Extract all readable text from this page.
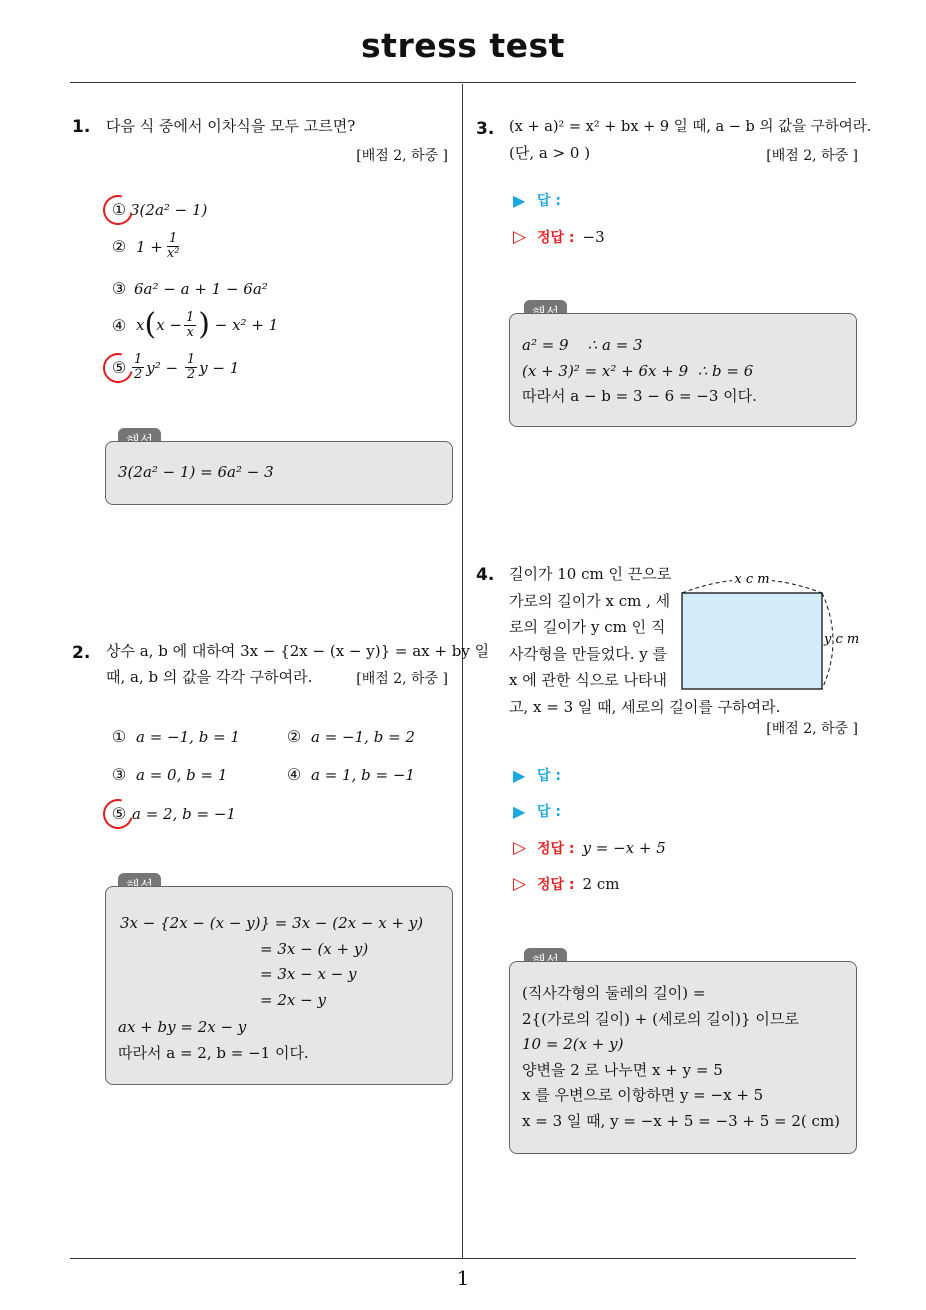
stress test
1
1. 다음 식 중에서 이차식을 모두 고르면?
[배점 2, 하중 ]
① 3(2a² − 1)
② $1 + \frac{1}{\text{x²}}$
③ 6a² − a + 1 − 6a²
④ x ( $x - \frac{1}{x}$ ) − x² + 1
⑤ $\frac{1}{2} y^2 - \frac{1}{2}$ y − 1
3(2a² − 1) = 6a² − 3
2. 상수 a, b 에 대하여 3x − {2x − (x − y)} = ax + by 일
때, a, b 의 값을 각각 구하여라.	[배점 2, 하중 ]
① a = −1, b = 1	② a = −1, b = 2
③ a = 0, b = 1	④ a = 1, b = −1
⑤ a = 2, b = −1
3x − {2x − (x − y)} = 3x − (2x − x + y)
= 3x − (x + y)
= 3x − x − y
= 2x − y
ax + by = 2x − y
따라서 a = 2, b = −1 이다.
3. (x + a)² = x² + bx + 9 일 때, a − b 의 값을 구하여라.
(단, a > 0 )	[배점 2, 하중 ]
▶ 답 :
▷ 정답 : −3
a² = 9    ∴ a = 3
(x + 3)² = x² + 6x + 9  ∴ b = 6
따라서 a − b = 3 − 6 = −3 이다.
4. 길이가 10 cm 인 끈으로
가로의 길이가 x cm , 세
로의 길이가 y cm 인 직
사각형을 만들었다. y 를
x 에 관한 식으로 나타내
고, x = 3 일 때, 세로의 길이를 구하여라.
[배점 2, 하중 ]
x c m
y c m
▶ 답 :
▶ 답 :
▷ 정답 : y = −x + 5
▷ 정답 : 2 cm
(직사각형의 둘레의 길이) =
2{(가로의 길이) + (세로의 길이)} 이므로
10 = 2(x + y)
양변을 2 로 나누면 x + y = 5
x 를 우변으로 이항하면 y = −x + 5
x = 3 일 때, y = −x + 5 = −3 + 5 = 2( cm)
